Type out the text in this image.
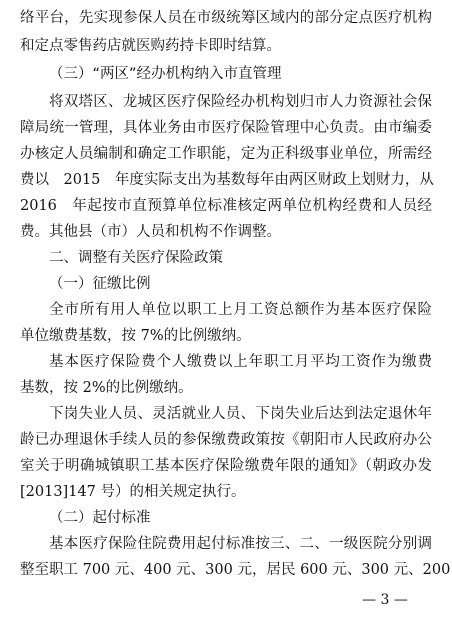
络平台，先实现参保人员在市级统筹区域内的部分定点医疗机构
和定点零售药店就医购药持卡即时结算。
（三）“两区”经办机构纳入市直管理
将双塔区、龙城区医疗保险经办机构划归市人力资源社会保
障局统一管理，具体业务由市医疗保险管理中心负责。由市编委
办核定人员编制和确定工作职能，定为正科级事业单位，所需经
费以　2015　年度实际支出为基数每年由两区财政上划财力，从
2016　年起按市直预算单位标准核定两单位机构经费和人员经
费。其他县（市）人员和机构不作调整。
二、调整有关医疗保险政策
（一）征缴比例
全市所有用人单位以职工上月工资总额作为基本医疗保险
单位缴费基数，按 7%的比例缴纳。
基本医疗保险费个人缴费以上年职工月平均工资作为缴费
基数，按 2%的比例缴纳。
下岗失业人员、灵活就业人员、下岗失业后达到法定退休年
龄已办理退休手续人员的参保缴费政策按《朝阳市人民政府办公
室关于明确城镇职工基本医疗保险缴费年限的通知》（朝政办发
[2013]147 号）的相关规定执行。
（二）起付标准
基本医疗保险住院费用起付标准按三、二、一级医院分别调
整至职工 700 元、400 元、300 元，居民 600 元、300 元、200
— 3 —
